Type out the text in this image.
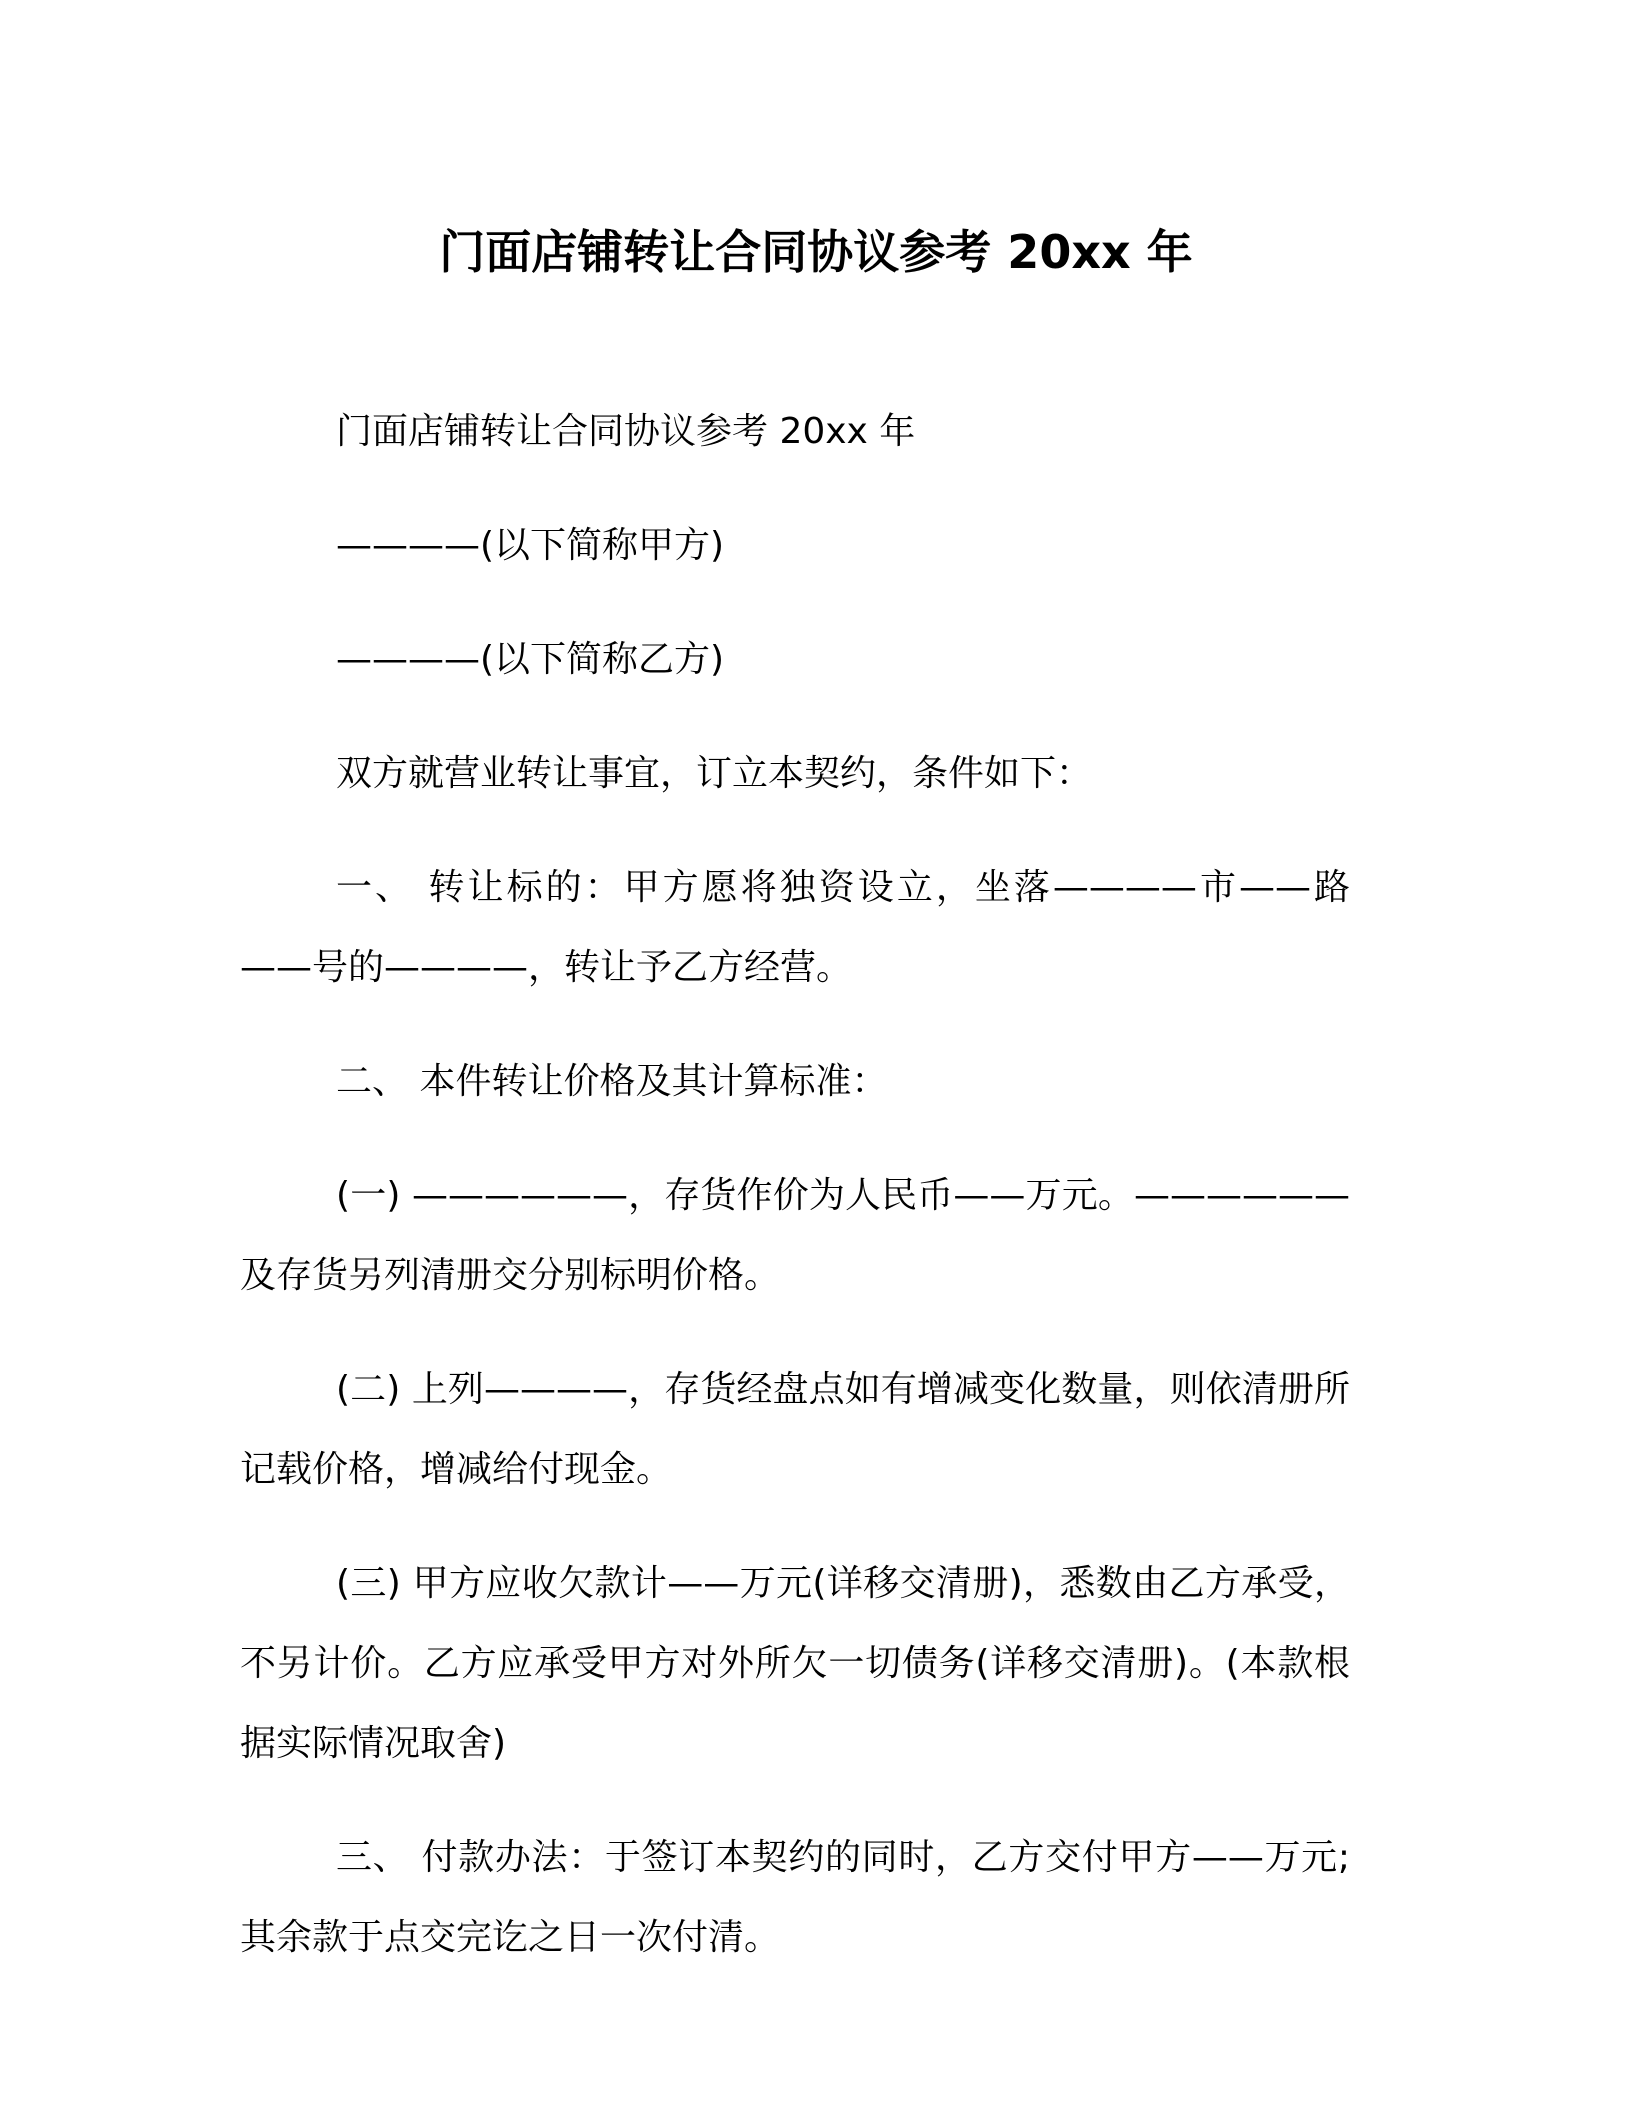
门面店铺转让合同协议参考 20xx 年

门面店铺转让合同协议参考 20xx 年

————(以下简称甲方)

————(以下简称乙方)

双方就营业转让事宜，订立本契约，条件如下：

一、 转让标的：甲方愿将独资设立，坐落————市——路——号的————，转让予乙方经营。

二、 本件转让价格及其计算标准：

(一) ——————，存货作价为人民币——万元。——————及存货另列清册交分别标明价格。

(二) 上列————，存货经盘点如有增减变化数量，则依清册所记载价格，增减给付现金。

(三) 甲方应收欠款计——万元(详移交清册)，悉数由乙方承受，不另计价。乙方应承受甲方对外所欠一切债务(详移交清册)。(本款根据实际情况取舍)

三、 付款办法：于签订本契约的同时，乙方交付甲方——万元;其余款于点交完讫之日一次付清。
